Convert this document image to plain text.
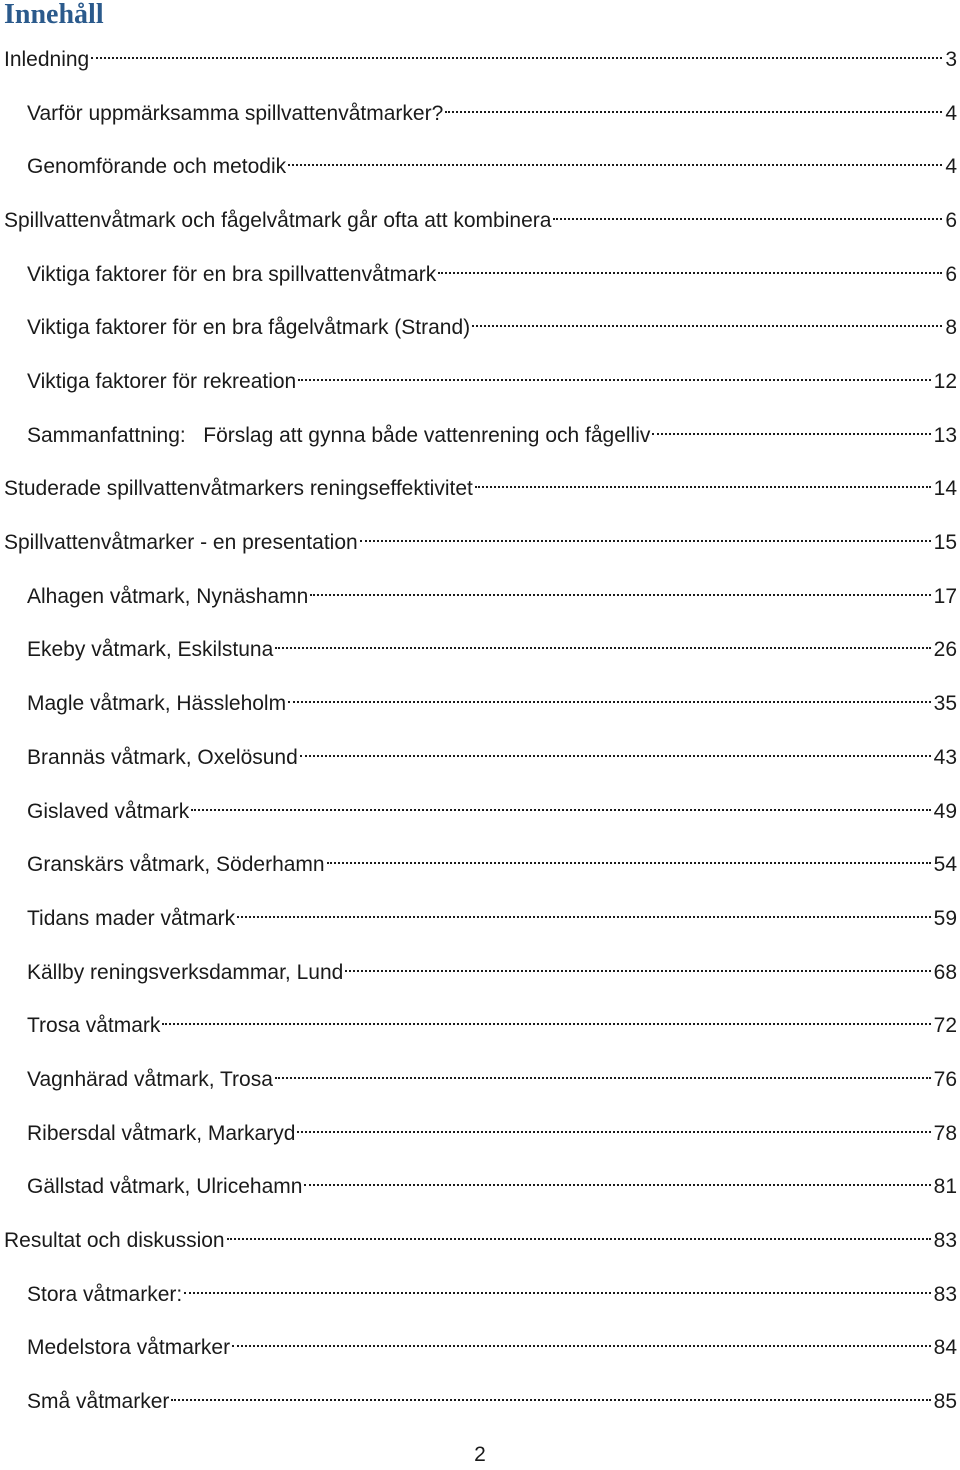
Innehåll
Inledning	3
Varför uppmärksamma spillvattenvåtmarker?	4
Genomförande och metodik	4
Spillvattenvåtmark och fågelvåtmark går ofta att kombinera	6
Viktiga faktorer för en bra spillvattenvåtmark	6
Viktiga faktorer för en bra fågelvåtmark (Strand)	8
Viktiga faktorer för rekreation	12
Sammanfattning:   Förslag att gynna både vattenrening och fågelliv	13
Studerade spillvattenvåtmarkers reningseffektivitet	14
Spillvattenvåtmarker - en presentation	15
Alhagen våtmark, Nynäshamn	17
Ekeby våtmark, Eskilstuna	26
Magle våtmark, Hässleholm	35
Brannäs våtmark, Oxelösund	43
Gislaved våtmark	49
Granskärs våtmark, Söderhamn	54
Tidans mader våtmark	59
Källby reningsverksdammar, Lund	68
Trosa våtmark	72
Vagnhärad våtmark, Trosa	76
Ribersdal våtmark, Markaryd	78
Gällstad våtmark, Ulricehamn	81
Resultat och diskussion	83
Stora våtmarker:	83
Medelstora våtmarker	84
Små våtmarker	85
2
